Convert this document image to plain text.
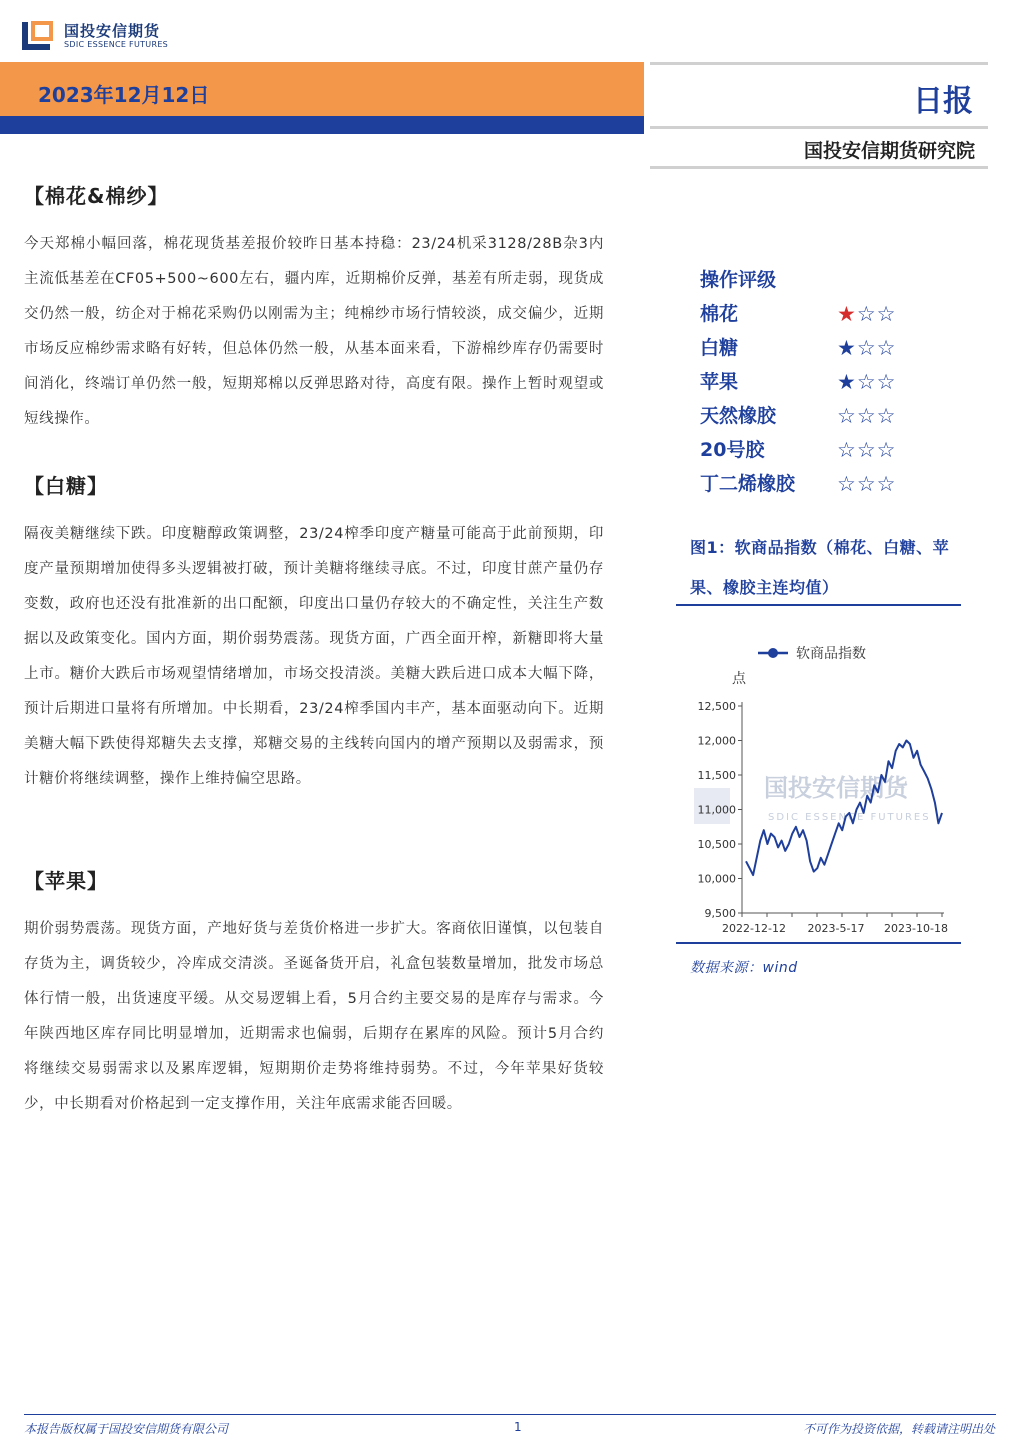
国投安信期货
SDIC ESSENCE FUTURES
2023年12月12日	日报
国投安信期货研究院
【棉花&棉纱】
今天郑棉小幅回落，棉花现货基差报价较昨日基本持稳：23/24机采3128/28B杂3内主流低基差在CF05+500~600左右，疆内库，近期棉价反弹，基差有所走弱，现货成交仍然一般，纺企对于棉花采购仍以刚需为主；纯棉纱市场行情较淡，成交偏少，近期市场反应棉纱需求略有好转，但总体仍然一般，从基本面来看，下游棉纱库存仍需要时间消化，终端订单仍然一般，短期郑棉以反弹思路对待，高度有限。操作上暂时观望或短线操作。
【白糖】
隔夜美糖继续下跌。印度糖醇政策调整，23/24榨季印度产糖量可能高于此前预期，印度产量预期增加使得多头逻辑被打破，预计美糖将继续寻底。不过，印度甘蔗产量仍存变数，政府也还没有批准新的出口配额，印度出口量仍存较大的不确定性，关注生产数据以及政策变化。国内方面，期价弱势震荡。现货方面，广西全面开榨，新糖即将大量上市。糖价大跌后市场观望情绪增加，市场交投清淡。美糖大跌后进口成本大幅下降，预计后期进口量将有所增加。中长期看，23/24榨季国内丰产，基本面驱动向下。近期美糖大幅下跌使得郑糖失去支撑，郑糖交易的主线转向国内的增产预期以及弱需求，预计糖价将继续调整，操作上维持偏空思路。
【苹果】
期价弱势震荡。现货方面，产地好货与差货价格进一步扩大。客商依旧谨慎，以包装自存货为主，调货较少，冷库成交清淡。圣诞备货开启，礼盒包装数量增加，批发市场总体行情一般，出货速度平缓。从交易逻辑上看，5月合约主要交易的是库存与需求。今年陕西地区库存同比明显增加，近期需求也偏弱，后期存在累库的风险。预计5月合约将继续交易弱需求以及累库逻辑，短期期价走势将维持弱势。不过，今年苹果好货较少，中长期看对价格起到一定支撑作用，关注年底需求能否回暖。
操作评级
棉花	★☆☆
白糖	★☆☆
苹果	★☆☆
天然橡胶	☆☆☆
20号胶	☆☆☆
丁二烯橡胶 ☆☆☆
图1：软商品指数（棉花、白糖、苹果、橡胶主连均值）
国投安信期货
SDIC ESSENCE FUTURES
软商品指数
点
9,500
10,000
10,500
11,000
11,500
12,000
12,500
2022-12-12 2023-5-17 2023-10-18
数据来源：wind
本报告版权属于国投安信期货有限公司	1	不可作为投资依据，转载请注明出处
